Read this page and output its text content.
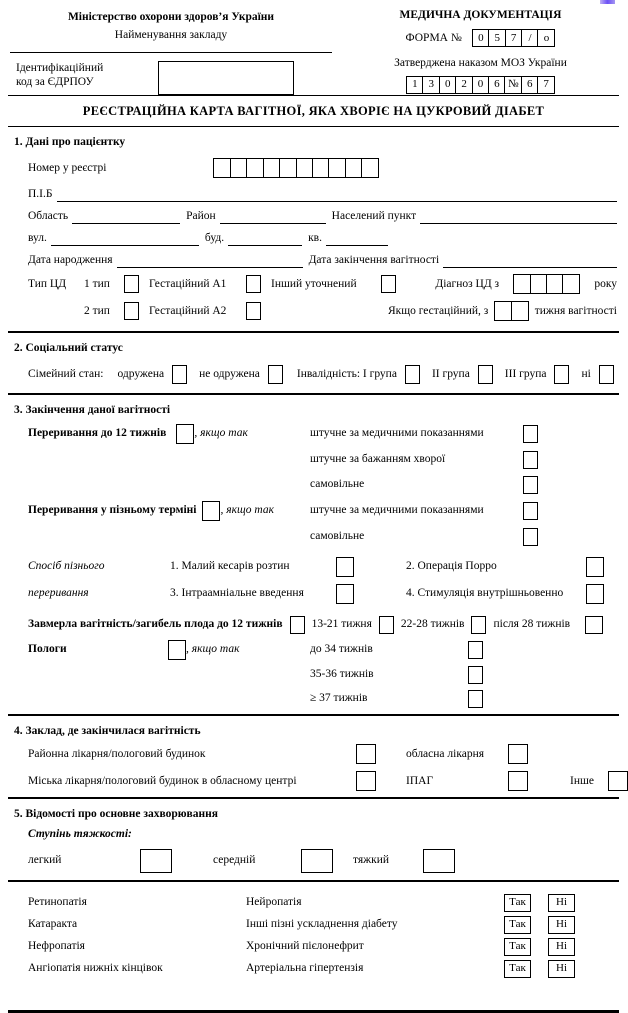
Міністерство охорони здоров’я України
Найменування закладу
Ідентифікаційний
код за ЄДРПОУ
МЕДИЧНА ДОКУМЕНТАЦІЯ
ФОРМА №	0 5 7	/	о
Затверджена наказом МОЗ України
1 3 0 2 0 6 № 6 7
РЕЄСТРАЦІЙНА КАРТА ВАГІТНОЇ, ЯКА ХВОРІЄ НА ЦУКРОВИЙ ДІАБЕТ
1. Дані про пацієнтку
Номер у реєстрі
П.І.Б
Область	Район	Населений пункт
вул.	буд.	кв.
Дата народження	Дата закінчення вагітності
Тип ЦД	1 тип	Гестаційний А1	Інший уточнений	Діагноз ЦД з	року
2 тип	Гестаційний А2	Якщо гестаційний, з	тижня вагітності
2. Соціальний статус
Сімейний стан: одружена	не одружена	Інвалідність: І група	ІІ група	ІІІ група	ні
3. Закінчення даної вагітності
Переривання до 12 тижнів , якщо так	штучне за медичними показаннями
штучне за бажанням хворої
самовільне
Переривання у пізньому терміні , якщо так	штучне за медичними показаннями
самовільне
Спосіб пізнього	1. Малий кесарів розтин	2. Операція Порро
переривання	3. Інтраамніальне введення	4. Стимуляція внутрішньовенно
Завмерла вагітність/загибель плода до 12 тижнів	13-21 тижня	22-28 тижнів	після 28 тижнів
Пологи	, якщо так	до 34 тижнів
35-36 тижнів
≥ 37 тижнів
4. Заклад, де закінчилася вагітність
Районна лікарня/пологовий будинок	обласна лікарня
Міська лікарня/пологовий будинок в обласному центрі	ІПАГ	Інше
5. Відомості про основне захворювання
Ступінь тяжкості:
легкий	середній	тяжкий
Ретинопатія	Нейропатія	Так	Ні
Катаракта	Інші пізні ускладнення діабету	Так	Ні
Нефропатія	Хронічний пієлонефрит	Так	Ні
Ангіопатія нижніх кінцівок	Артеріальна гіпертензія	Так	Ні
